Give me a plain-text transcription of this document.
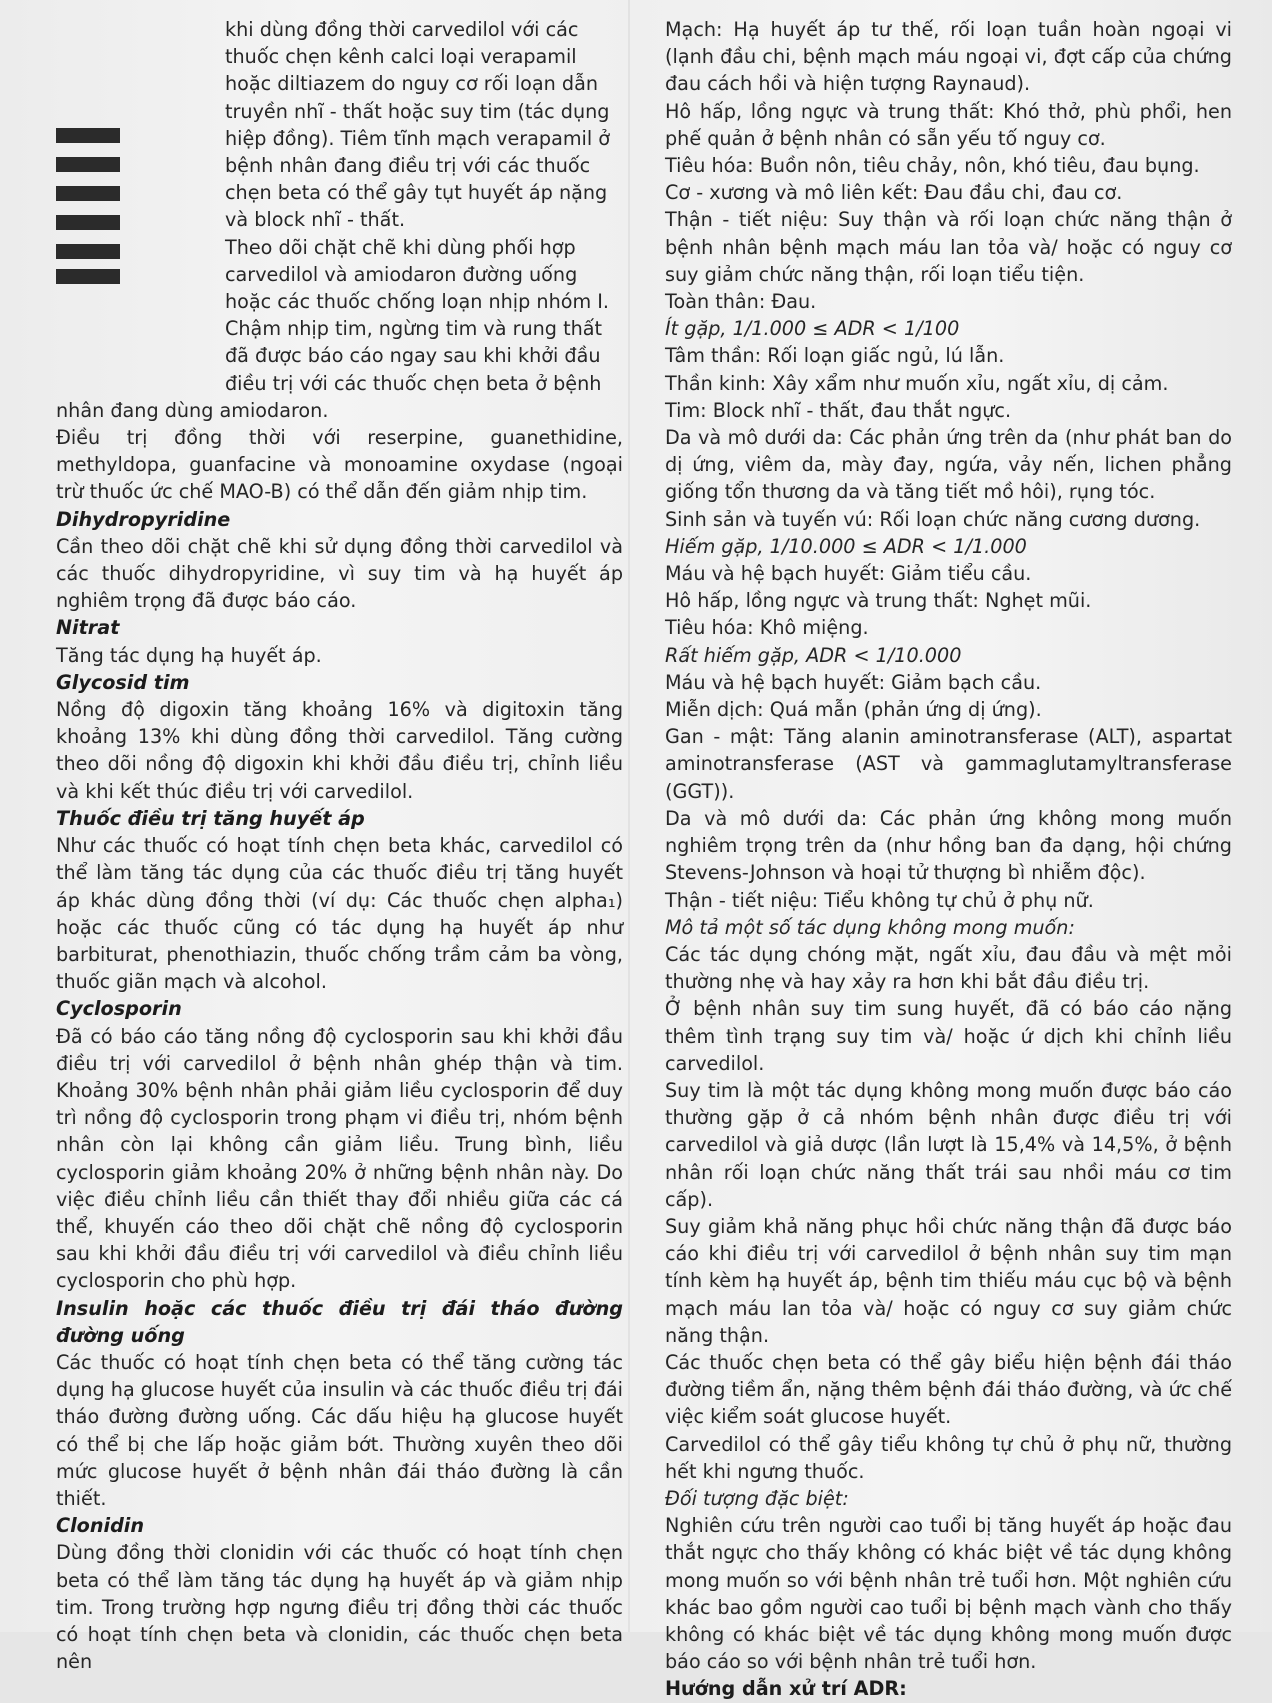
khi dùng đồng thời carvedilol với các

thuốc chẹn kênh calci loại verapamil

hoặc diltiazem do nguy cơ rối loạn dẫn

truyền nhĩ - thất hoặc suy tim (tác dụng

hiệp đồng). Tiêm tĩnh mạch verapamil ở

bệnh nhân đang điều trị với các thuốc

chẹn beta có thể gây tụt huyết áp nặng

và block nhĩ - thất.

Theo dõi chặt chẽ khi dùng phối hợp

carvedilol và amiodaron đường uống

hoặc các thuốc chống loạn nhịp nhóm I.

Chậm nhịp tim, ngừng tim và rung thất

đã được báo cáo ngay sau khi khởi đầu

điều trị với các thuốc chẹn beta ở bệnh

nhân đang dùng amiodaron.

Điều trị đồng thời với reserpine, guanethidine, methyldopa, guanfacine và monoamine oxydase (ngoại trừ thuốc ức chế MAO-B) có thể dẫn đến giảm nhịp tim.

Dihydropyridine

Cần theo dõi chặt chẽ khi sử dụng đồng thời carvedilol và các thuốc dihydropyridine, vì suy tim và hạ huyết áp nghiêm trọng đã được báo cáo.

Nitrat

Tăng tác dụng hạ huyết áp.

Glycosid tim

Nồng độ digoxin tăng khoảng 16% và digitoxin tăng khoảng 13% khi dùng đồng thời carvedilol. Tăng cường theo dõi nồng độ digoxin khi khởi đầu điều trị, chỉnh liều và khi kết thúc điều trị với carvedilol.

Thuốc điều trị tăng huyết áp

Như các thuốc có hoạt tính chẹn beta khác, carvedilol có thể làm tăng tác dụng của các thuốc điều trị tăng huyết áp khác dùng đồng thời (ví dụ: Các thuốc chẹn alpha₁) hoặc các thuốc cũng có tác dụng hạ huyết áp như barbiturat, phenothiazin, thuốc chống trầm cảm ba vòng, thuốc giãn mạch và alcohol.

Cyclosporin

Đã có báo cáo tăng nồng độ cyclosporin sau khi khởi đầu điều trị với carvedilol ở bệnh nhân ghép thận và tim. Khoảng 30% bệnh nhân phải giảm liều cyclosporin để duy trì nồng độ cyclosporin trong phạm vi điều trị, nhóm bệnh nhân còn lại không cần giảm liều. Trung bình, liều cyclosporin giảm khoảng 20% ở những bệnh nhân này. Do việc điều chỉnh liều cần thiết thay đổi nhiều giữa các cá thể, khuyến cáo theo dõi chặt chẽ nồng độ cyclosporin sau khi khởi đầu điều trị với carvedilol và điều chỉnh liều cyclosporin cho phù hợp.

Insulin hoặc các thuốc điều trị đái tháo đường đường uống

Các thuốc có hoạt tính chẹn beta có thể tăng cường tác dụng hạ glucose huyết của insulin và các thuốc điều trị đái tháo đường đường uống. Các dấu hiệu hạ glucose huyết có thể bị che lấp hoặc giảm bớt. Thường xuyên theo dõi mức glucose huyết ở bệnh nhân đái tháo đường là cần thiết.

Clonidin

Dùng đồng thời clonidin với các thuốc có hoạt tính chẹn beta có thể làm tăng tác dụng hạ huyết áp và giảm nhịp tim. Trong trường hợp ngưng điều trị đồng thời các thuốc có hoạt tính chẹn beta và clonidin, các thuốc chẹn beta nên

Mạch: Hạ huyết áp tư thế, rối loạn tuần hoàn ngoại vi (lạnh đầu chi, bệnh mạch máu ngoại vi, đợt cấp của chứng đau cách hồi và hiện tượng Raynaud).

Hô hấp, lồng ngực và trung thất: Khó thở, phù phổi, hen phế quản ở bệnh nhân có sẵn yếu tố nguy cơ.

Tiêu hóa: Buồn nôn, tiêu chảy, nôn, khó tiêu, đau bụng.

Cơ - xương và mô liên kết: Đau đầu chi, đau cơ.

Thận - tiết niệu: Suy thận và rối loạn chức năng thận ở bệnh nhân bệnh mạch máu lan tỏa và/ hoặc có nguy cơ suy giảm chức năng thận, rối loạn tiểu tiện.

Toàn thân: Đau.

Ít gặp, 1/1.000 ≤ ADR < 1/100

Tâm thần: Rối loạn giấc ngủ, lú lẫn.

Thần kinh: Xây xẩm như muốn xỉu, ngất xỉu, dị cảm.

Tim: Block nhĩ - thất, đau thắt ngực.

Da và mô dưới da: Các phản ứng trên da (như phát ban do dị ứng, viêm da, mày đay, ngứa, vảy nến, lichen phẳng giống tổn thương da và tăng tiết mồ hôi), rụng tóc.

Sinh sản và tuyến vú: Rối loạn chức năng cương dương.

Hiếm gặp, 1/10.000 ≤ ADR < 1/1.000

Máu và hệ bạch huyết: Giảm tiểu cầu.

Hô hấp, lồng ngực và trung thất: Nghẹt mũi.

Tiêu hóa: Khô miệng.

Rất hiếm gặp, ADR < 1/10.000

Máu và hệ bạch huyết: Giảm bạch cầu.

Miễn dịch: Quá mẫn (phản ứng dị ứng).

Gan - mật: Tăng alanin aminotransferase (ALT), aspartat aminotransferase (AST và gammaglutamyltransferase (GGT)).

Da và mô dưới da: Các phản ứng không mong muốn nghiêm trọng trên da (như hồng ban đa dạng, hội chứng Stevens-Johnson và hoại tử thượng bì nhiễm độc).

Thận - tiết niệu: Tiểu không tự chủ ở phụ nữ.

Mô tả một số tác dụng không mong muốn:

Các tác dụng chóng mặt, ngất xỉu, đau đầu và mệt mỏi thường nhẹ và hay xảy ra hơn khi bắt đầu điều trị.

Ở bệnh nhân suy tim sung huyết, đã có báo cáo nặng thêm tình trạng suy tim và/ hoặc ứ dịch khi chỉnh liều carvedilol.

Suy tim là một tác dụng không mong muốn được báo cáo thường gặp ở cả nhóm bệnh nhân được điều trị với carvedilol và giả dược (lần lượt là 15,4% và 14,5%, ở bệnh nhân rối loạn chức năng thất trái sau nhồi máu cơ tim cấp).

Suy giảm khả năng phục hồi chức năng thận đã được báo cáo khi điều trị với carvedilol ở bệnh nhân suy tim mạn tính kèm hạ huyết áp, bệnh tim thiếu máu cục bộ và bệnh mạch máu lan tỏa và/ hoặc có nguy cơ suy giảm chức năng thận.

Các thuốc chẹn beta có thể gây biểu hiện bệnh đái tháo đường tiềm ẩn, nặng thêm bệnh đái tháo đường, và ức chế việc kiểm soát glucose huyết.

Carvedilol có thể gây tiểu không tự chủ ở phụ nữ, thường hết khi ngưng thuốc.

Đối tượng đặc biệt:

Nghiên cứu trên người cao tuổi bị tăng huyết áp hoặc đau thắt ngực cho thấy không có khác biệt về tác dụng không mong muốn so với bệnh nhân trẻ tuổi hơn. Một nghiên cứu khác bao gồm người cao tuổi bị bệnh mạch vành cho thấy không có khác biệt về tác dụng không mong muốn được báo cáo so với bệnh nhân trẻ tuổi hơn.

Hướng dẫn xử trí ADR:
